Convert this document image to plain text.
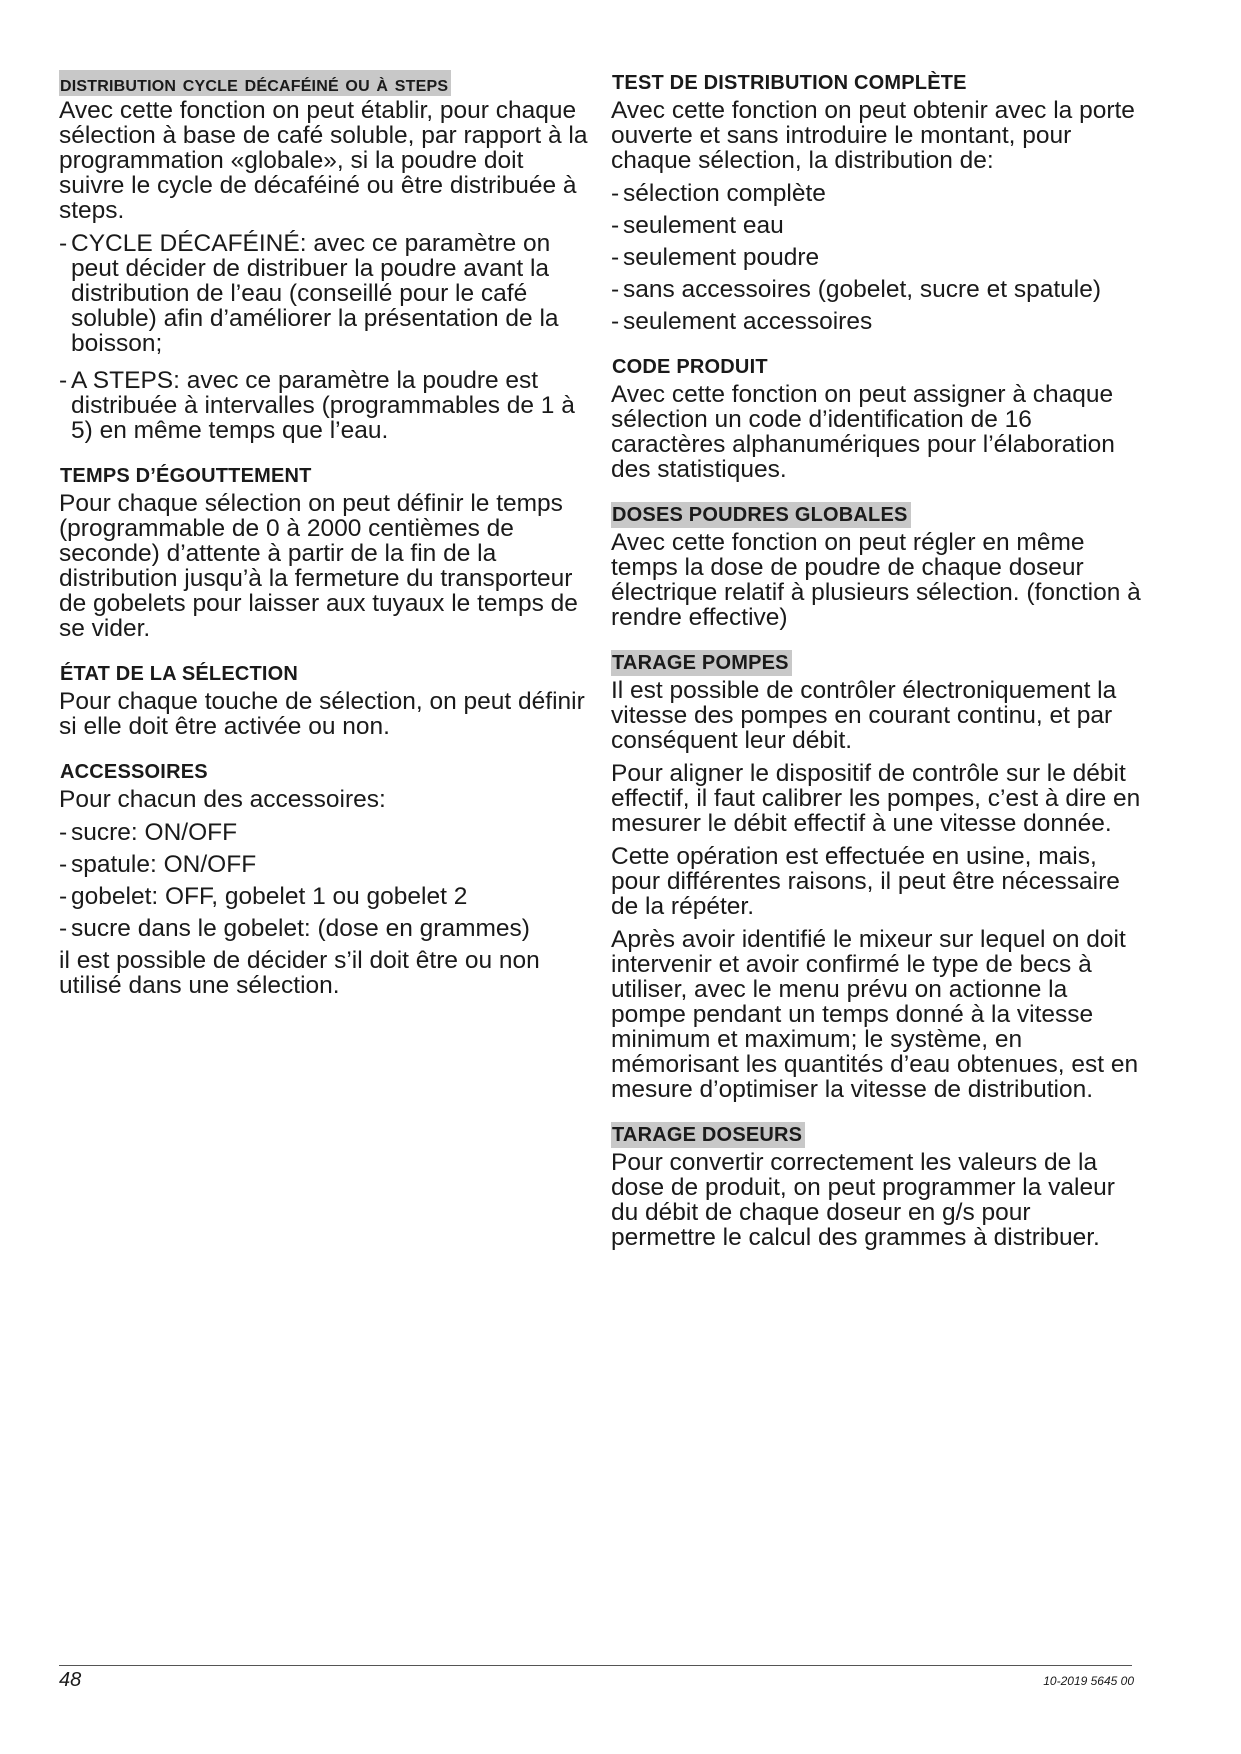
distribution cycle décaféiné ou à steps

Avec cette fonction on peut établir, pour chaque sélection à base de café soluble, par rapport à la programmation «globale», si la poudre doit suivre le cycle de décaféiné ou être distribuée à steps.

- CYCLE DÉCAFÉINÉ: avec ce paramètre on peut décider de distribuer la poudre avant la distribution de l’eau (conseillé pour le café soluble) afin d’améliorer la présentation de la boisson;
- A STEPS: avec ce paramètre la poudre est distribuée à intervalles (programmables de 1 à 5) en même temps que l’eau.
TEMPS D’ÉGOUTTEMENT

Pour chaque sélection on peut définir le temps (programmable de 0 à 2000 centièmes de seconde) d’attente à partir de la fin de la distribution jusqu’à la fermeture du transporteur de gobelets pour laisser aux tuyaux le temps de se vider.

ÉTAT DE LA SÉLECTION

Pour chaque touche de sélection, on peut définir si elle doit être activée ou non.

ACCESSOIRES

Pour chacun des accessoires:

- sucre: ON/OFF
- spatule: ON/OFF
- gobelet: OFF, gobelet 1 ou gobelet 2
- sucre dans le gobelet: (dose en grammes)

il est possible de décider s’il doit être ou non utilisé dans une sélection.

TEST DE DISTRIBUTION COMPLÈTE

Avec cette fonction on peut obtenir avec la porte ouverte et sans introduire le montant, pour chaque sélection, la distribution de:

- sélection complète
- seulement eau
- seulement poudre
- sans accessoires (gobelet, sucre et spatule)
- seulement accessoires
CODE PRODUIT

Avec cette fonction on peut assigner à chaque sélection un code d’identification de 16 caractères alphanumériques pour l’élaboration des statistiques.

DOSES POUDRES GLOBALES

Avec cette fonction on peut régler en même temps la dose de poudre de chaque doseur électrique relatif à plusieurs sélection. (fonction à rendre effective)

TARAGE POMPES

Il est possible de contrôler électroniquement la vitesse des pompes en courant continu, et par conséquent leur débit.

Pour aligner le dispositif de contrôle sur le débit effectif, il faut calibrer les pompes, c’est à dire en mesurer le débit effectif à une vitesse donnée.

Cette opération est effectuée en usine, mais, pour différentes raisons, il peut être nécessaire de la répéter.

Après avoir identifié le mixeur sur lequel on doit intervenir et avoir confirmé le type de becs à utiliser, avec le menu prévu on actionne la pompe pendant un temps donné à la vitesse minimum et maximum; le système, en mémorisant les quantités d’eau obtenues, est en mesure d’optimiser la vitesse de distribution.

TARAGE DOSEURS

Pour convertir correctement les valeurs de la dose de produit, on peut programmer la valeur du débit de chaque doseur en g/s pour permettre le calcul des grammes à distribuer.

48	10-2019 5645 00
